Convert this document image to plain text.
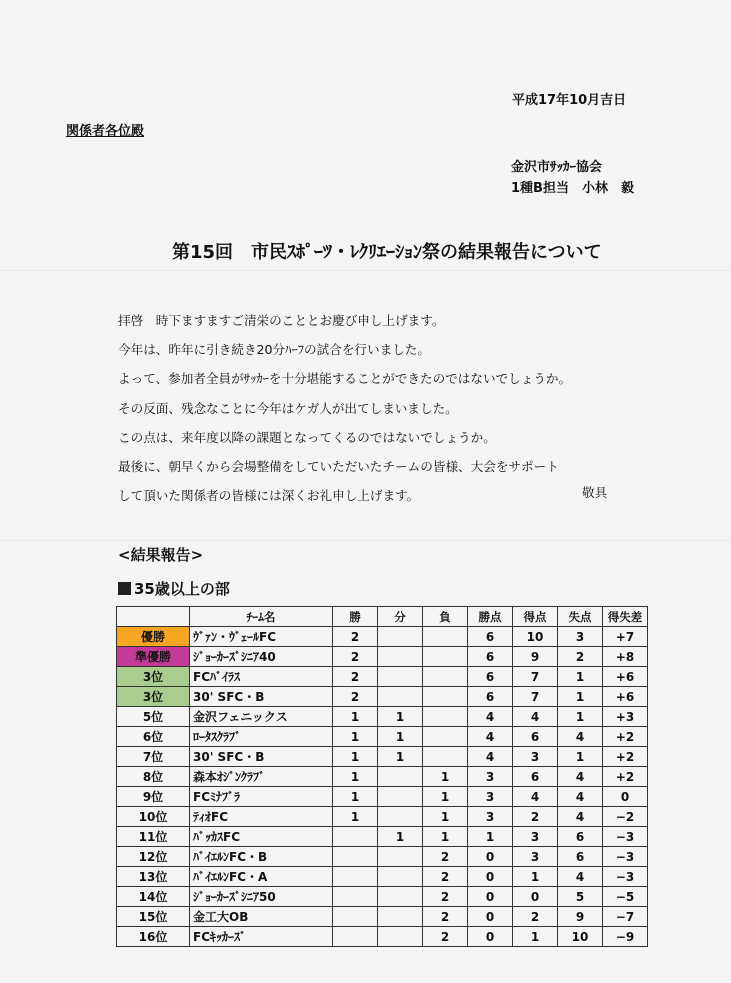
平成17年10月吉日
関係者各位殿
金沢市ｻｯｶｰ協会
1種B担当　小林　毅
第15回　市民ｽﾎﾟｰﾂ・ﾚｸﾘｴｰｼｮﾝ祭の結果報告について
拝啓　時下ますますご清栄のこととお慶び申し上げます。
今年は、昨年に引き続き20分ﾊｰﾌの試合を行いました。
よって、参加者全員がｻｯｶｰを十分堪能することができたのではないでしょうか。
その反面、残念なことに今年はケガ人が出てしまいました。
この点は、来年度以降の課題となってくるのではないでしょうか。
最後に、朝早くから会場整備をしていただいたチームの皆様、大会をサポート
して頂いた関係者の皆様には深くお礼申し上げます。	敬具
<結果報告>
35歳以上の部
	ﾁｰﾑ名	勝	分	負	勝点	得点	失点	得失差
優勝	ｳﾞｧﾝ・ｳﾞｪｰﾙFC	2			6	10	3	+7
準優勝	ｼﾞｮｰｶｰｽﾞｼﾆｱ40	2			6	9	2	+8
3位	FCﾊﾞｲﾗｽ	2			6	7	1	+6
3位	30' SFC・B	2			6	7	1	+6
5位	金沢フェニックス	1	1		4	4	1	+3
6位	ﾛｰﾀｽｸﾗﾌﾞ	1	1		4	6	4	+2
7位	30' SFC・B	1	1		4	3	1	+2
8位	森本ｵｼﾞﾝｸﾗﾌﾞ	1		1	3	6	4	+2
9位	FCﾐﾅﾌﾞﾗ	1		1	3	4	4	0
10位	ﾃｨｵFC	1		1	3	2	4	−2
11位	ﾊﾞｯｶｽFC		1	1	1	3	6	−3
12位	ﾊﾞｲｴﾙﾝFC・B			2	0	3	6	−3
13位	ﾊﾞｲｴﾙﾝFC・A			2	0	1	4	−3
14位	ｼﾞｮｰｶｰｽﾞｼﾆｱ50			2	0	0	5	−5
15位	金工大OB			2	0	2	9	−7
16位	FCｷｯｶｰｽﾞ			2	0	1	10	−9
